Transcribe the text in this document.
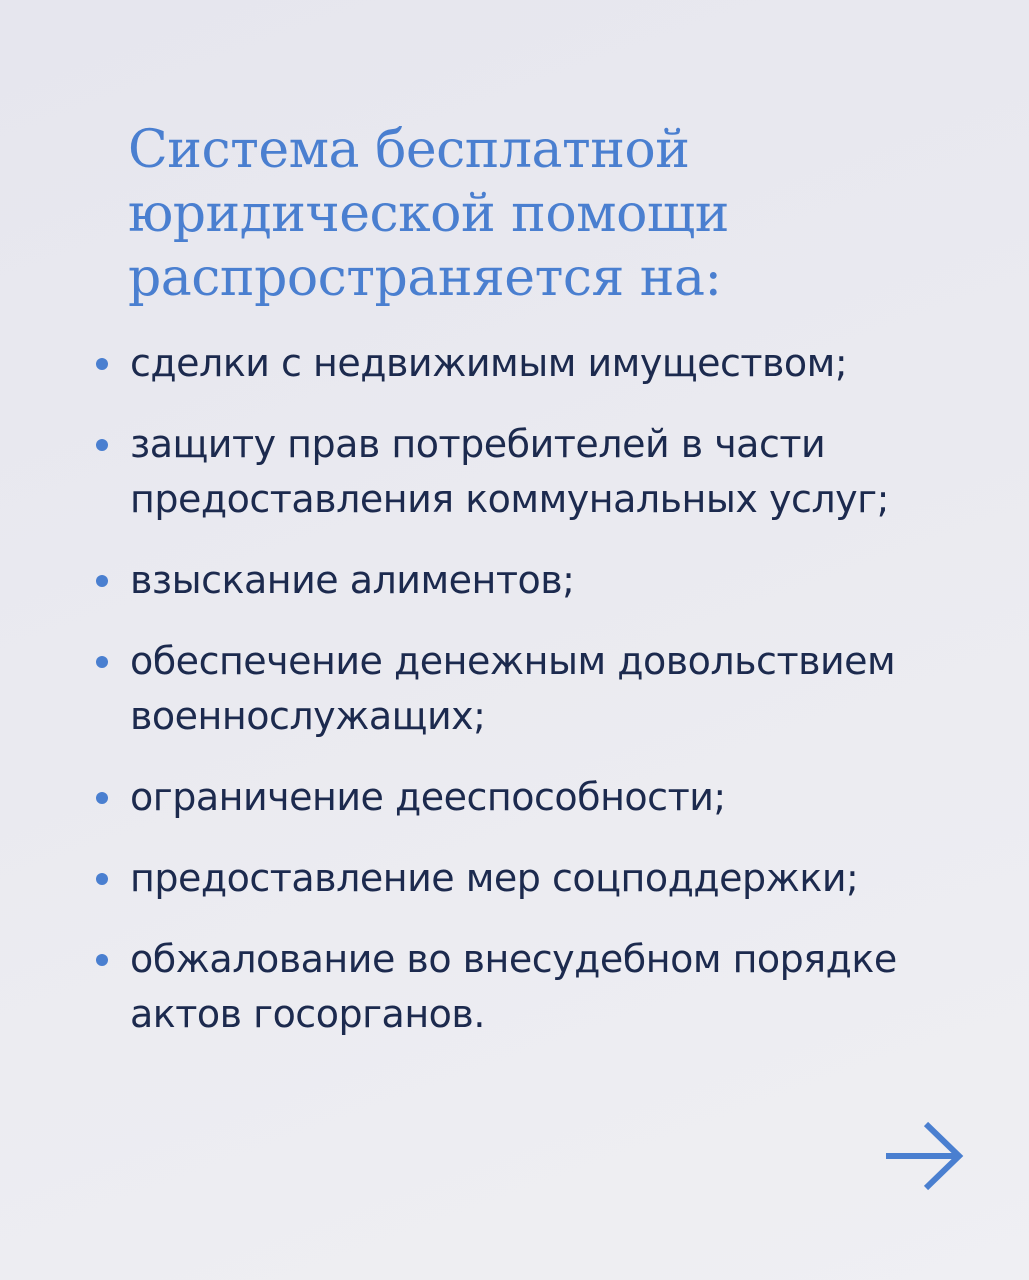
Система бесплатной
юридической помощи
распространяется на:
сделки с недвижимым имуществом;
защиту прав потребителей в части
предоставления коммунальных услуг;
взыскание алиментов;
обеспечение денежным довольствием
военнослужащих;
ограничение дееспособности;
предоставление мер соцподдержки;
обжалование во внесудебном порядке
актов госорганов.
